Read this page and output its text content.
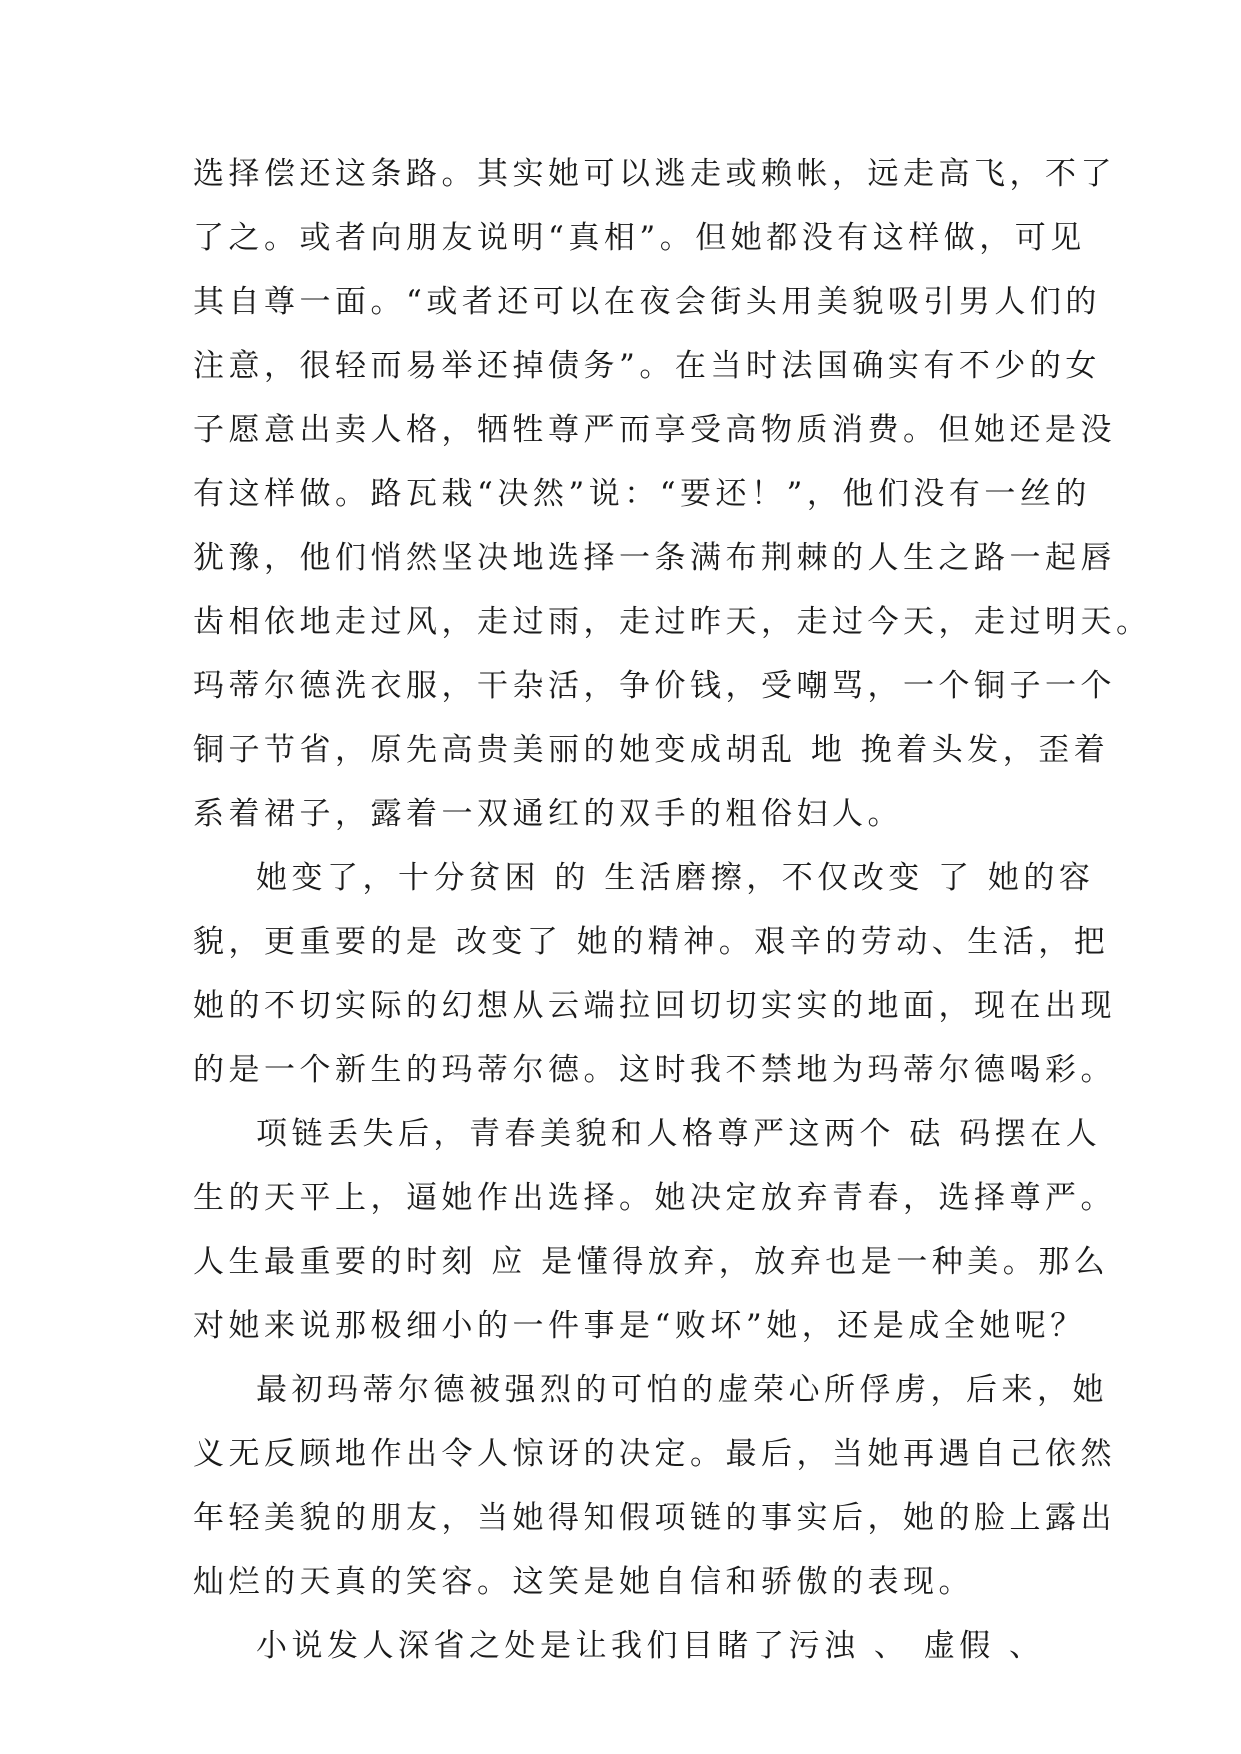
选择偿还这条路。其实她可以逃走或赖帐，远走高飞，不了
了之。或者向朋友说明“真相”。但她都没有这样做，可见
其自尊一面。“或者还可以在夜会街头用美貌吸引男人们的
注意，很轻而易举还掉债务”。在当时法国确实有不少的女
子愿意出卖人格，牺牲尊严而享受高物质消费。但她还是没
有这样做。路瓦栽“决然”说：“要还！”，他们没有一丝的
犹豫，他们悄然坚决地选择一条满布荆棘的人生之路一起唇
齿相依地走过风，走过雨，走过昨天，走过今天，走过明天。
玛蒂尔德洗衣服，干杂活，争价钱，受嘲骂，一个铜子一个
铜子节省，原先高贵美丽的她变成胡乱 地 挽着头发，歪着
系着裙子，露着一双通红的双手的粗俗妇人。
她变了，十分贫困 的 生活磨擦，不仅改变 了 她的容
貌，更重要的是 改变了 她的精神。艰辛的劳动、生活，把
她的不切实际的幻想从云端拉回切切实实的地面，现在出现
的是一个新生的玛蒂尔德。这时我不禁地为玛蒂尔德喝彩。
项链丢失后，青春美貌和人格尊严这两个 砝 码摆在人
生的天平上，逼她作出选择。她决定放弃青春，选择尊严。
人生最重要的时刻 应 是懂得放弃，放弃也是一种美。那么
对她来说那极细小的一件事是“败坏”她，还是成全她呢？
最初玛蒂尔德被强烈的可怕的虚荣心所俘虏，后来，她
义无反顾地作出令人惊讶的决定。最后，当她再遇自己依然
年轻美貌的朋友，当她得知假项链的事实后，她的脸上露出
灿烂的天真的笑容。这笑是她自信和骄傲的表现。
小说发人深省之处是让我们目睹了污浊 、 虚假 、
